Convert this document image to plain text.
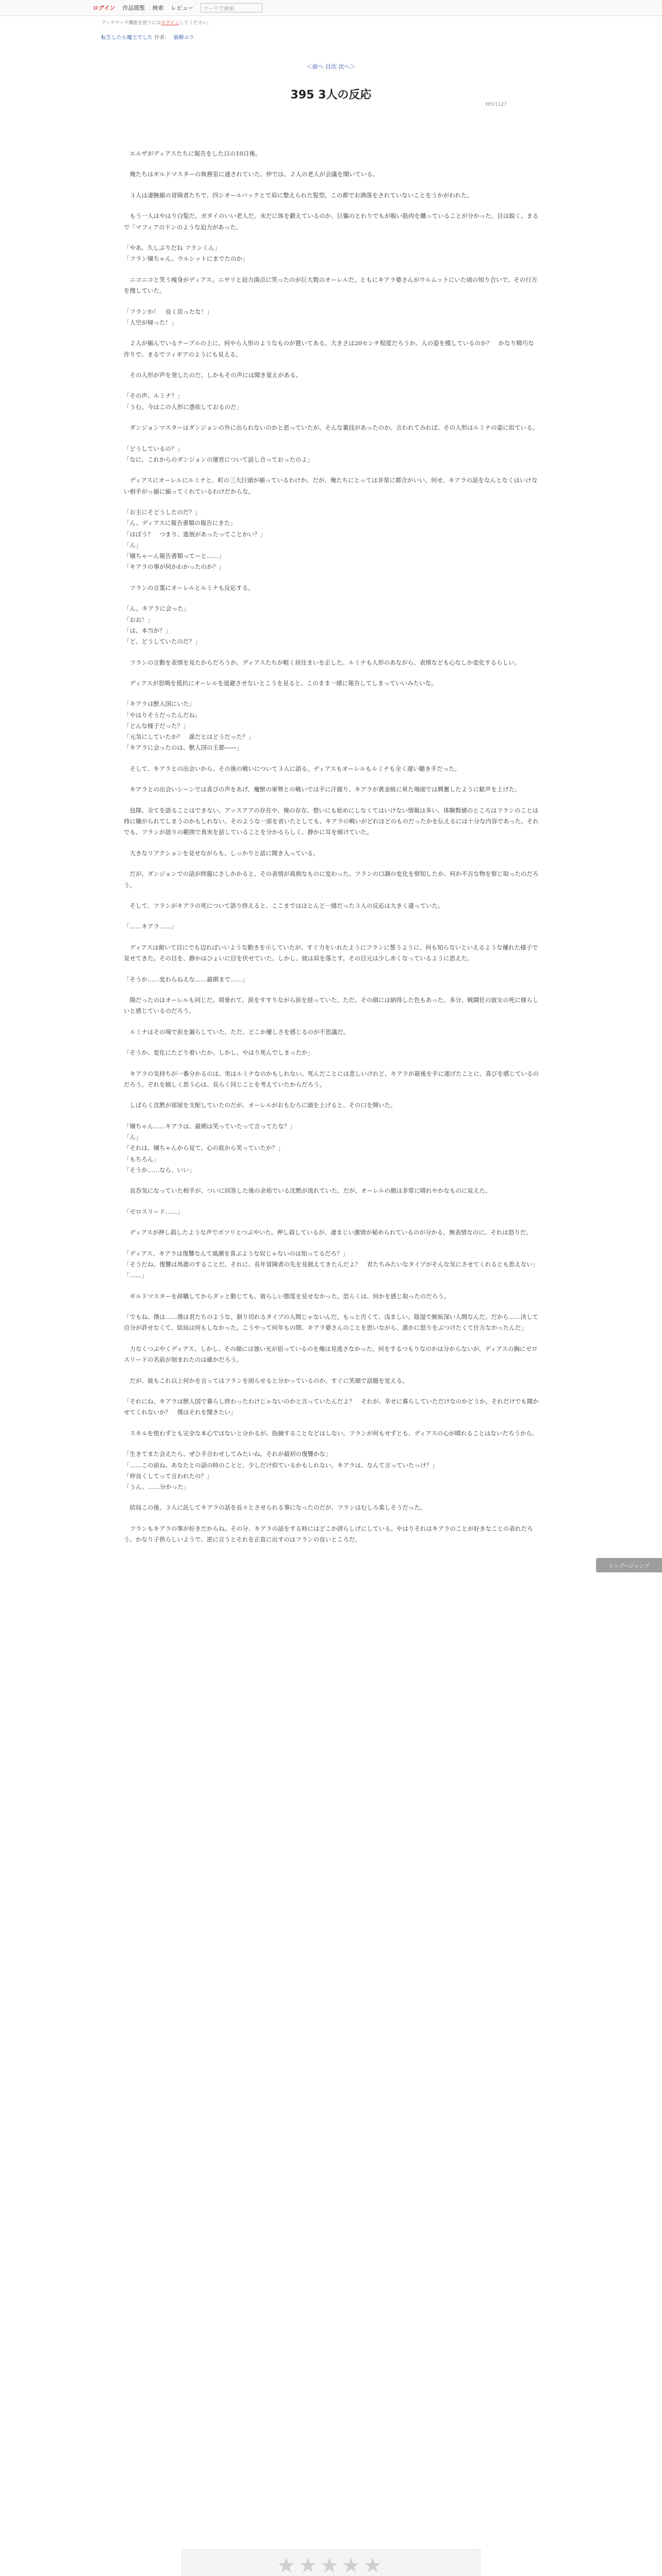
ログイン 作品閲覧 検索 レビュー	ワードで検索
ブックマーク機能を使うにはログインしてください。
転生したら魔王でした 作者： 猫柳ユウ
＜前へ 目次 次へ＞
395/1127
395 3人の反応

　エルザがディアスたちに報告をした日の10日後。

　俺たちはギルドマスターの執務室に通されていた。仲では、２人の老人が会議を聞いている。

　３人は凄腕揃の冒険者たちで、四シオールバックとで肩に整えられた髪型。この都でお酒落をされていないことをうかがわれた。

　もう一人はやはり白髪だ。ガタイのいい老人だ。未だに体を鍛えているのか、巨軀のとわりでもが賑い筋肉を纏っていることが分かった。目は鋭く、まるで「マフィアのドンのような迫力があった。

「やあ、久しぶりだね フランくん」
「フラン嬢ちゃん、ウルシットにまでたのか」

　ニコニコと笑う瘦身がディアス。ニヤリと迫力満点に笑ったのが巨大数のオーレルだ。ともにキアラ婆さんがウルムットにいた頃の知り合いで、その行方を捜していた。

「フランか！　良く戻ったな！」
「人空が帰った！」

　２人が揃んでいるテーブルの上に、何やら人形のようなものが置いてある。大きさは20センチ程度だろうか。人の姿を模しているのか？　かなり精巧な作りで、まるでフィギアのようにも見える。

　その人形が声を発したのだ。しかもその声には聞き覚えがある。

「その声、ルミナ？」
「うむ。今はこの人形に憑依しておるのだ」

　ダンジョンマスターはダンジョンの外に出られないのかと思っていたが、そんな裏技があったのか。言われてみれば、その人形はルミナの姿に似ている。

「どうしているの？」
「なに、これからのダンジョンの運営について話し合っておったのよ」

　ディアスにオーレルにルミナと、町の三大巨頭が揃っているわけか。だが、俺たちにとっては非常に都合がいい。何せ、キアラの話をなんとなくはいけない相手がっ揃に揃ってくれているわけだからな。

「お主にそどうしたのだ？」
「ん、ディアスに報告書類の報告にきた」
「はぼう？　つまり、進展があったってことかい？」
「ん」
「嬢ちゃーん報告書類ってーと……」
「キアラの事が何かわかったのか？」

　フランの言葉にオーレルとルミナも反応する。

「ん。キアラに会った」
「おお！」
「は、本当か？」
「ど、どうしていたのだ？」

　フランの言動を表情を見たからだろうか。ディアスたちが軽く居住まいを正した。ルミナも人形のあながら、表情なども心なしか変化するらしい。

　ディアスが怒鳴を抵抗にオーレルを退避させないとこうを見ると、このまま一緒に報告してしまっていいみたいな。

「キアラは獣人国にいた」
「やはりそうだったんだね」
「どんな様子だった？」
「元気にしていたか？　誰だとはどうだった？」
「キアラに会ったのは、獣人国の王都――」

　そして、キアラとの出会いから、その後の戦いについて３人に語る。ディアスもオーレルもルミナも全く遅い聴き手だった。

　キアラとの出会いシーンでは喜びの声をあげ、魔獣の軍勢との戦いでは手に汗握り、キアラが黄金級に昇た場面では興奮したように歓声を上げた。

　包隊、全てを語ることはできない。アッスアアの存在や、俺の存在、想いにも始めにしなくてはいけない情報は多い。体験数値のところはフランのことは持に嫌がられてしまうのかもしれない。そのような一部を省いたとしても、キアラの戦いがどれほどのものだったかを伝えるには十分な内容であった。それでも、フランが語りの範囲で真実を話していることを分かるらしく、静かに耳を傾けていた。

　大きなリアクションを見せながらも、しっかりと話に聞き入っている。

　だが、ダンジョンでの話が終盤にさしかかると、その表情が真剣なものに変わった。フランの口調の変化を察知したか、何か不吉な物を察じ取ったのだろう。

　そして、フランがキアラの死について語り終えると、ここまではほとんど一緒だった３人の反応は大きく違っていた。

「……キアラ……」

　ディアスは俯いて目にでも辺ればいいような動きを示していたが、すぐ力をいれたようにフランに誓うように、何も知らないといえるような優れた様子で見せてきた。その目を、静かはひょいに目を伏せていた。しかし、彼は肩を落とす。その目元は少し赤くなっているように思えた。

「そうか……変わらねえな……最期まで……」

　陽だったのはオーレルも同じだ。項垂れて、涙をすすりながら涙を経っていた。ただ、その顔には納得した色もあった。多分、戦闘狂の彼女の死に様らしいと感じているのだろう。

　ルミナはその場で涙を漏らしていた。ただ、どこか優しさを感じるのが不思議だ。

「そうか、変化にたどり着いたか。しかし、やはり死んでしまったか」

　キアラの気持ちが一番分かるのは、実はルミナなのかもしれない。死んだことには悲しいけれど、キアラが最後を手に遂げたことに、喜びを感じているのだろう。ぞれを嬉しく思う心は、長らく同じことを考えていたからだろう。

　しばらく沈黙が部屋を支配していたのだが、オーレルがおもむろに頭を上げると、その口を開いた。

「嬢ちゃん……キアラは、最期は笑っていたって言ってたな？」
「ん」
「それは、嬢ちゃんから見て、心の底から笑っていたか？」
「もちろん」
「そうか……なら、いい」

　良呑気になっていた相手が、ついに回答した後の余裕でいる沈黙が流れていた。だが、オーレルの顔は非常に晴れやかなものに見えた。

「ゼロスリード……」

　ディアスが押し殺したような声でポツリとつぶやいた。押し殺しているが、凄まじい激情が秘められているのが分かる。無表情なのに、それは怒りだ。

「ディアス、キアラは復讐なんて風潮を喜ぶような奴じゃないのは知ってるだろ？」
「そうだね。復讐は馬鹿のすることだ。それに、長年冒険者の先を見据えてきたんだよ？　君たちみたいなタイプがそんな気にさせてくれるとも思えない」
「……」

　ギルドマスターを辞職してからダッと動じても、彼らしい態度を見せなかった。恐らくは、何かを感じ取ったのだろう。

「でもね、僕は……僕は君たちのような、割り切れるタイプの人間じゃないんだ。もっと汚くて、浅ましい。陰湿で嫉妬深い人間なんだ。だから……決して自分が許せなくて、結局は何もしなかった。こうやって何年もの間、キアラ婆さんのことを思いながら、誰かに怒りをぶつけたくて仕方なかったんだ」

　力なくつぶやくディアス。しかし、その顔には強い光が宿っているのを俺は見逃さなかった。何をするつもりなのかは分からないが、ディアスの胸にゼロスリードの名前が刻まれたのは確かだろう。

　だが、彼もこれ以上何かを言ってはフランを困らせると分かっているのか、すぐに笑顔で話題を変える。

「それにね、キアラは獣人国で暮らし終わったわけじゃないのかと言っていたんだよ？　それが、幸せに暮らしていただけなのかどうか。それだけでも聞かせてくれないか？　僕はそれを聞きたい」

　スキルを使わずとも完全な本心ではないと分かるが、指摘することなどはしない。フランが何もせずとも、ディアスの心が晴れることはないだろうから。

「生きてまた会えたら、ぜひ手合わせしてみたいね。それが最初の復讐かな」
「……この前ね、あなたとの話の時のことと、少しだけ似ているかもしれない。キアラは、なんて言っていたっけ？」
「仲良くしてって言われたの？」
「うん。……分かった」

　結局この後、３人に託してキアラの話を長々とさせられる事になったのだが、フランはむしろ楽しそうだった。

　フランもキアラの事が好きだからね。その分、キアラの話をする時にはどこか誇らしげにしている。やはりそれはキアラのことが好きなことの表れだろう。かなり子供らしいようで、逆に言うとそれを正直に出すのはフランの良いところだ。

トップへジャンプ
★★★★★
